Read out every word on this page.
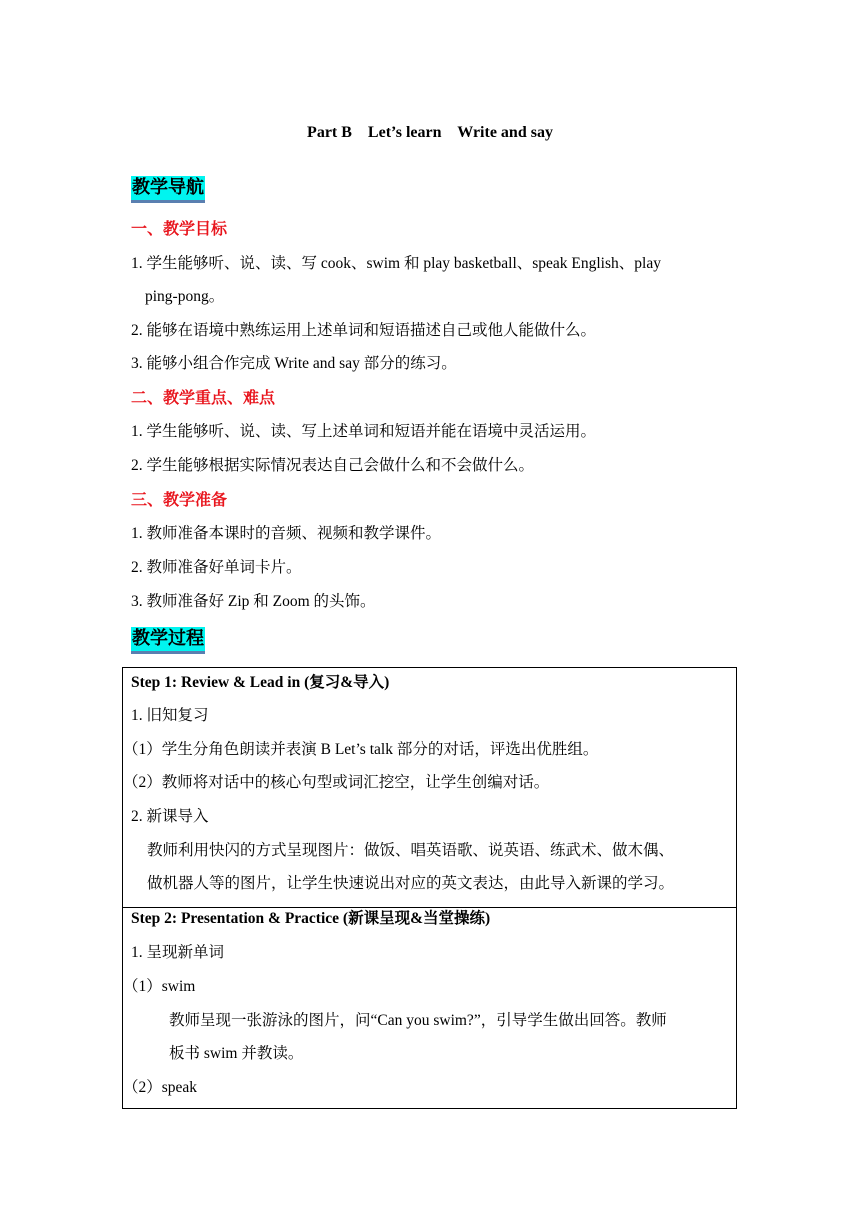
Part B    Let’s learn    Write and say
教学导航
一、教学目标
1. 学生能够听、说、读、写 cook、swim 和 play basketball、speak English、play
ping-pong。
2. 能够在语境中熟练运用上述单词和短语描述自己或他人能做什么。
3. 能够小组合作完成 Write and say 部分的练习。
二、教学重点、难点
1. 学生能够听、说、读、写上述单词和短语并能在语境中灵活运用。
2. 学生能够根据实际情况表达自己会做什么和不会做什么。
三、教学准备
1. 教师准备本课时的音频、视频和教学课件。
2. 教师准备好单词卡片。
3. 教师准备好 Zip 和 Zoom 的头饰。
教学过程
Step 1: Review & Lead in (复习&导入)
1. 旧知复习
（1）学生分角色朗读并表演 B Let’s talk 部分的对话，评选出优胜组。
（2）教师将对话中的核心句型或词汇挖空，让学生创编对话。
2. 新课导入
教师利用快闪的方式呈现图片：做饭、唱英语歌、说英语、练武术、做木偶、
做机器人等的图片，让学生快速说出对应的英文表达，由此导入新课的学习。
Step 2: Presentation & Practice (新课呈现&当堂操练)
1. 呈现新单词
（1）swim
教师呈现一张游泳的图片，问“Can you swim?”，引导学生做出回答。教师
板书 swim 并教读。
（2）speak
